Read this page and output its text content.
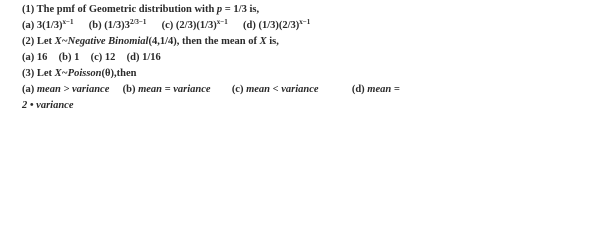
(1) The pmf of Geometric distribution with p = 1/3 is,
(a) $3(1/3)^{x-1}$ (b) $(1/3)3^{2/3-1}$ (c) $(2/3)(1/3)^{x-1}$ (d) $(1/3)(2/3)^{x-1}$
(2) Let X~Negative Binomial(4,1/4), then the mean of X is,
(a) 16 (b) 1 (c) 12 (d) 1/16
(3) Let X~Poisson(θ),then
(a) mean > variance (b) mean = variance (c) mean < variance	(d) mean =
2 • variance
